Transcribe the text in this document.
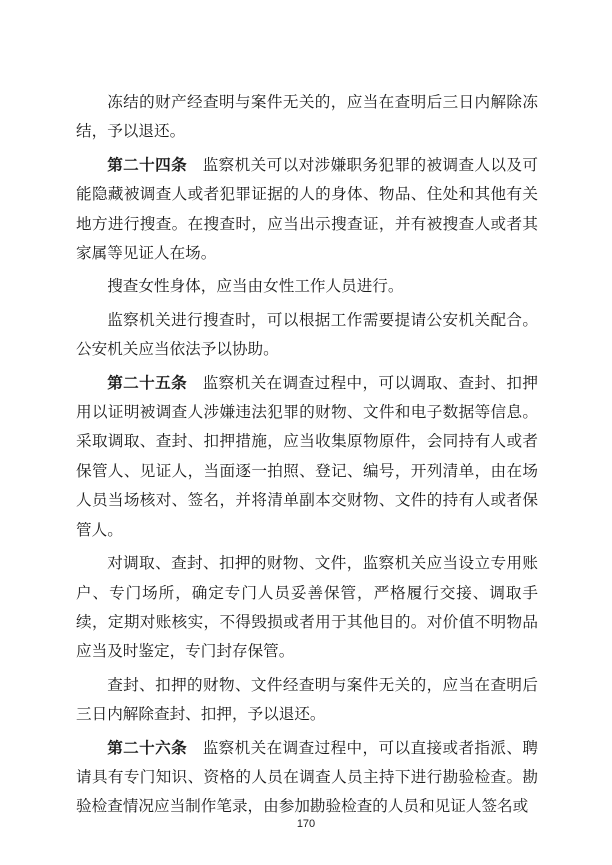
冻结的财产经查明与案件无关的，应当在查明后三日内解除冻结，予以退还。

第二十四条 监察机关可以对涉嫌职务犯罪的被调查人以及可能隐藏被调查人或者犯罪证据的人的身体、物品、住处和其他有关地方进行搜查。在搜查时，应当出示搜查证，并有被搜查人或者其家属等见证人在场。

搜查女性身体，应当由女性工作人员进行。

监察机关进行搜查时，可以根据工作需要提请公安机关配合。公安机关应当依法予以协助。

第二十五条 监察机关在调查过程中，可以调取、查封、扣押用以证明被调查人涉嫌违法犯罪的财物、文件和电子数据等信息。采取调取、查封、扣押措施，应当收集原物原件，会同持有人或者保管人、见证人，当面逐一拍照、登记、编号，开列清单，由在场人员当场核对、签名，并将清单副本交财物、文件的持有人或者保管人。

对调取、查封、扣押的财物、文件，监察机关应当设立专用账户、专门场所，确定专门人员妥善保管，严格履行交接、调取手续，定期对账核实，不得毁损或者用于其他目的。对价值不明物品应当及时鉴定，专门封存保管。

查封、扣押的财物、文件经查明与案件无关的，应当在查明后三日内解除查封、扣押，予以退还。

第二十六条 监察机关在调查过程中，可以直接或者指派、聘请具有专门知识、资格的人员在调查人员主持下进行勘验检查。勘验检查情况应当制作笔录，由参加勘验检查的人员和见证人签名或

170
